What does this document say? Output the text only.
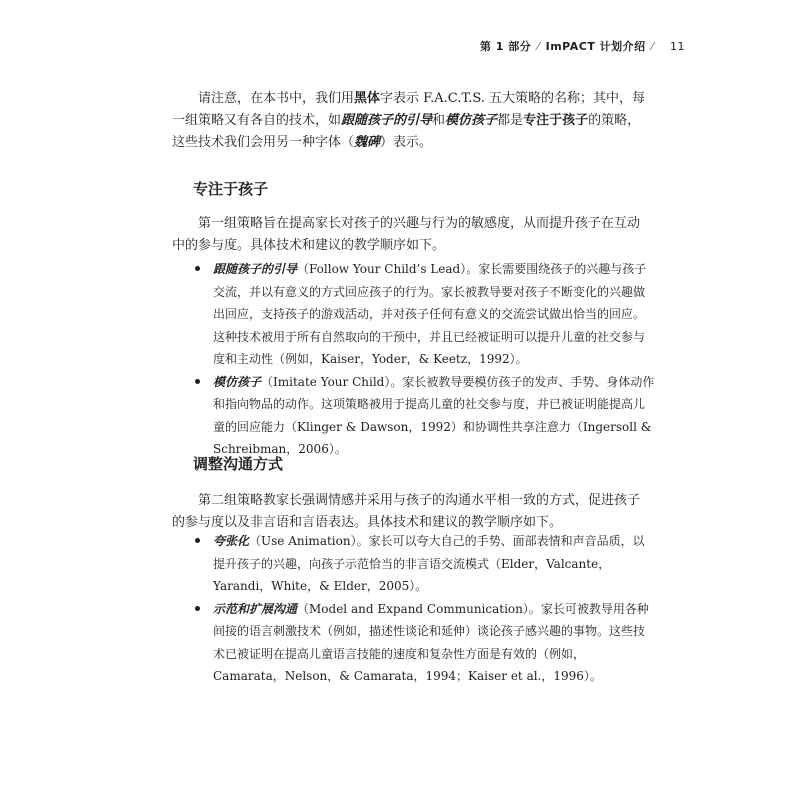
第 1 部分 ⁄ ImPACT 计划介绍 ⁄ 11
请注意，在本书中，我们用黑体字表示 F.A.C.T.S. 五大策略的名称；其中，每一组策略又有各自的技术，如跟随孩子的引导和模仿孩子都是专注于孩子的策略，这些技术我们会用另一种字体（魏碑）表示。
专注于孩子
第一组策略旨在提高家长对孩子的兴趣与行为的敏感度，从而提升孩子在互动中的参与度。具体技术和建议的教学顺序如下。
跟随孩子的引导（Follow Your Child’s Lead）。家长需要围绕孩子的兴趣与孩子交流，并以有意义的方式回应孩子的行为。家长被教导要对孩子不断变化的兴趣做出回应，支持孩子的游戏活动，并对孩子任何有意义的交流尝试做出恰当的回应。这种技术被用于所有自然取向的干预中，并且已经被证明可以提升儿童的社交参与度和主动性（例如，Kaiser，Yoder，& Keetz，1992）。
模仿孩子（Imitate Your Child）。家长被教导要模仿孩子的发声、手势、身体动作和指向物品的动作。这项策略被用于提高儿童的社交参与度，并已被证明能提高儿童的回应能力（Klinger & Dawson，1992）和协调性共享注意力（Ingersoll & Schreibman，2006）。
调整沟通方式
第二组策略教家长强调情感并采用与孩子的沟通水平相一致的方式，促进孩子的参与度以及非言语和言语表达。具体技术和建议的教学顺序如下。
夸张化（Use Animation）。家长可以夸大自己的手势、面部表情和声音品质，以提升孩子的兴趣，向孩子示范恰当的非言语交流模式（Elder，Valcante，Yarandi，White，& Elder，2005）。
示范和扩展沟通（Model and Expand Communication）。家长可被教导用各种间接的语言刺激技术（例如，描述性谈论和延伸）谈论孩子感兴趣的事物。这些技术已被证明在提高儿童语言技能的速度和复杂性方面是有效的（例如，Camarata，Nelson，& Camarata，1994；Kaiser et al.，1996）。
